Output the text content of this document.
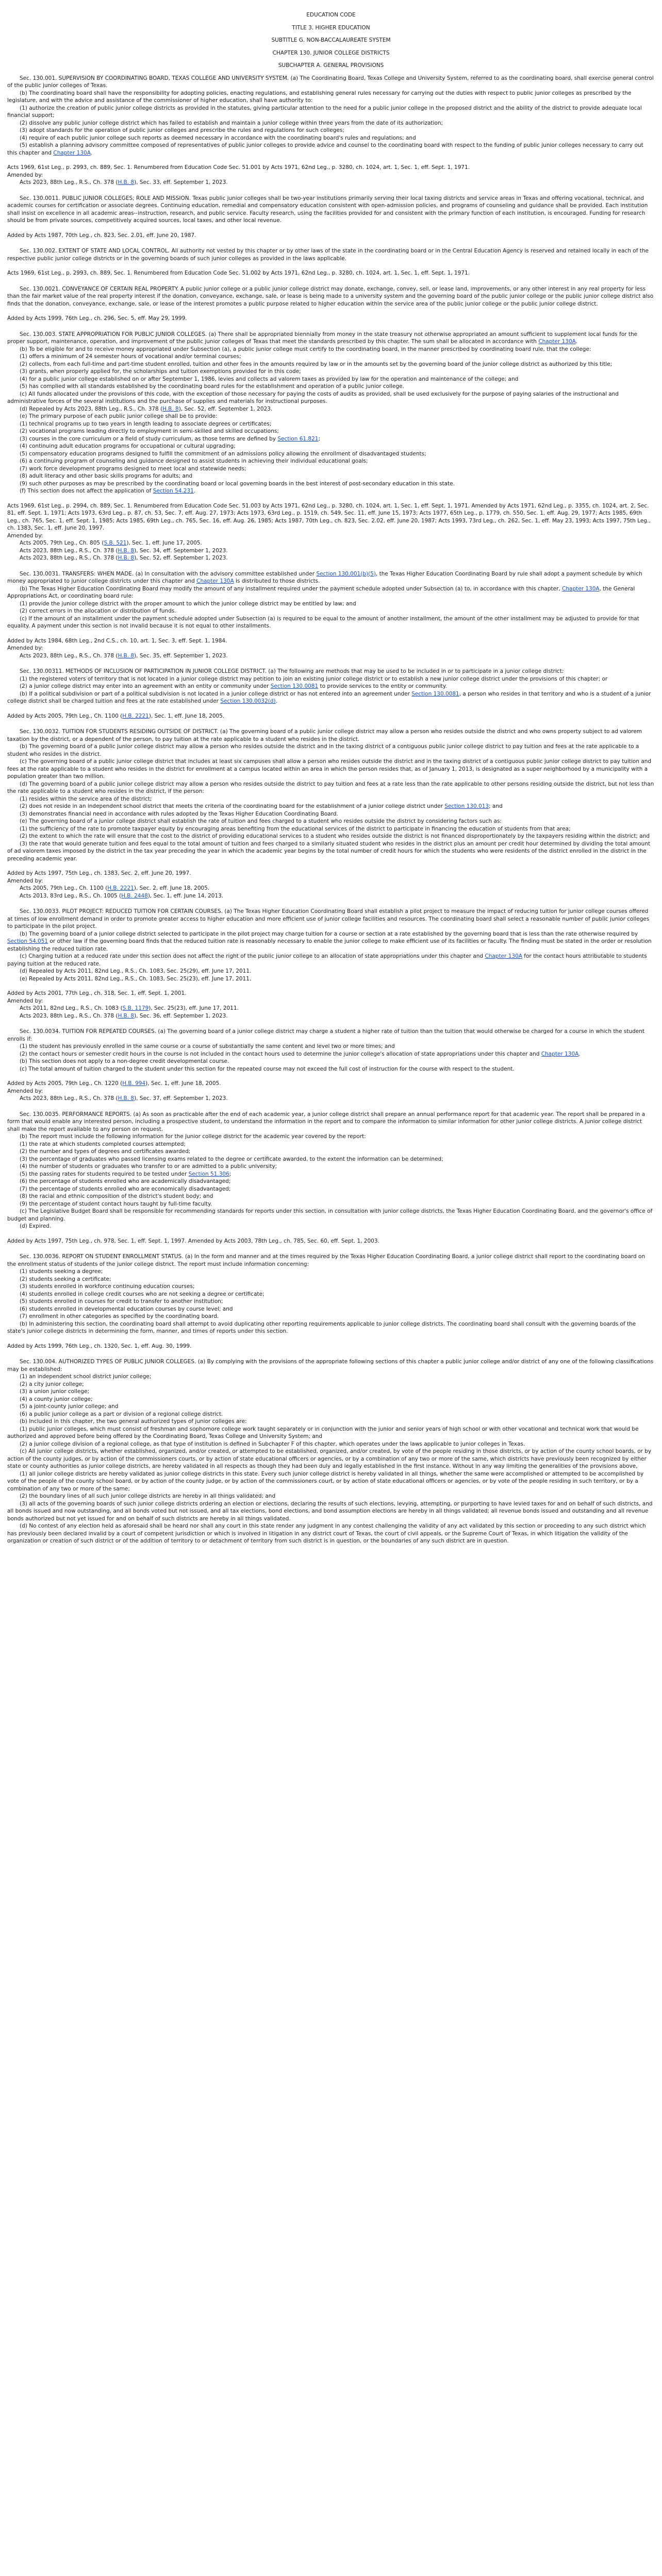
EDUCATION CODE

TITLE 3. HIGHER EDUCATION

SUBTITLE G. NON-BACCALAUREATE SYSTEM

CHAPTER 130. JUNIOR COLLEGE DISTRICTS

SUBCHAPTER A. GENERAL PROVISIONS

Sec. 130.001. SUPERVISION BY COORDINATING BOARD, TEXAS COLLEGE AND UNIVERSITY SYSTEM. (a) The Coordinating Board, Texas College and University System, referred to as the coordinating board, shall exercise general control of the public junior colleges of Texas.

(b) The coordinating board shall have the responsibility for adopting policies, enacting regulations, and establishing general rules necessary for carrying out the duties with respect to public junior colleges as prescribed by the legislature, and with the advice and assistance of the commissioner of higher education, shall have authority to:

(1) authorize the creation of public junior college districts as provided in the statutes, giving particular attention to the need for a public junior college in the proposed district and the ability of the district to provide adequate local financial support;

(2) dissolve any public junior college district which has failed to establish and maintain a junior college within three years from the date of its authorization;

(3) adopt standards for the operation of public junior colleges and prescribe the rules and regulations for such colleges;

(4) require of each public junior college such reports as deemed necessary in accordance with the coordinating board's rules and regulations; and

(5) establish a planning advisory committee composed of representatives of public junior colleges to provide advice and counsel to the coordinating board with respect to the funding of public junior colleges necessary to carry out this chapter and Chapter 130A.

Acts 1969, 61st Leg., p. 2993, ch. 889, Sec. 1. Renumbered from Education Code Sec. 51.001 by Acts 1971, 62nd Leg., p. 3280, ch. 1024, art. 1, Sec. 1, eff. Sept. 1, 1971.

Amended by:

Acts 2023, 88th Leg., R.S., Ch. 378 (H.B. 8), Sec. 33, eff. September 1, 2023.

Sec. 130.0011. PUBLIC JUNIOR COLLEGES; ROLE AND MISSION. Texas public junior colleges shall be two-year institutions primarily serving their local taxing districts and service areas in Texas and offering vocational, technical, and academic courses for certification or associate degrees. Continuing education, remedial and compensatory education consistent with open-admission policies, and programs of counseling and guidance shall be provided. Each institution shall insist on excellence in all academic areas--instruction, research, and public service. Faculty research, using the facilities provided for and consistent with the primary function of each institution, is encouraged. Funding for research should be from private sources, competitively acquired sources, local taxes, and other local revenue.

Added by Acts 1987, 70th Leg., ch. 823, Sec. 2.01, eff. June 20, 1987.

Sec. 130.002. EXTENT OF STATE AND LOCAL CONTROL. All authority not vested by this chapter or by other laws of the state in the coordinating board or in the Central Education Agency is reserved and retained locally in each of the respective public junior college districts or in the governing boards of such junior colleges as provided in the laws applicable.

Acts 1969, 61st Leg., p. 2993, ch. 889, Sec. 1. Renumbered from Education Code Sec. 51.002 by Acts 1971, 62nd Leg., p. 3280, ch. 1024, art. 1, Sec. 1, eff. Sept. 1, 1971.

Sec. 130.0021. CONVEYANCE OF CERTAIN REAL PROPERTY. A public junior college or a public junior college district may donate, exchange, convey, sell, or lease land, improvements, or any other interest in any real property for less than the fair market value of the real property interest if the donation, conveyance, exchange, sale, or lease is being made to a university system and the governing board of the public junior college or the public junior college district also finds that the donation, conveyance, exchange, sale, or lease of the interest promotes a public purpose related to higher education within the service area of the public junior college or the public junior college district.

Added by Acts 1999, 76th Leg., ch. 296, Sec. 5, eff. May 29, 1999.

Sec. 130.003. STATE APPROPRIATION FOR PUBLIC JUNIOR COLLEGES. (a) There shall be appropriated biennially from money in the state treasury not otherwise appropriated an amount sufficient to supplement local funds for the proper support, maintenance, operation, and improvement of the public junior colleges of Texas that meet the standards prescribed by this chapter. The sum shall be allocated in accordance with Chapter 130A.

(b) To be eligible for and to receive money appropriated under Subsection (a), a public junior college must certify to the coordinating board, in the manner prescribed by coordinating board rule, that the college:

(1) offers a minimum of 24 semester hours of vocational and/or terminal courses;

(2) collects, from each full-time and part-time student enrolled, tuition and other fees in the amounts required by law or in the amounts set by the governing board of the junior college district as authorized by this title;

(3) grants, when properly applied for, the scholarships and tuition exemptions provided for in this code;

(4) for a public junior college established on or after September 1, 1986, levies and collects ad valorem taxes as provided by law for the operation and maintenance of the college; and

(5) has complied with all standards established by the coordinating board rules for the establishment and operation of a public junior college.

(c) All funds allocated under the provisions of this code, with the exception of those necessary for paying the costs of audits as provided, shall be used exclusively for the purpose of paying salaries of the instructional and administrative forces of the several institutions and the purchase of supplies and materials for instructional purposes.

(d) Repealed by Acts 2023, 88th Leg., R.S., Ch. 378 (H.B. 8), Sec. 52, eff. September 1, 2023.

(e) The primary purpose of each public junior college shall be to provide:

(1) technical programs up to two years in length leading to associate degrees or certificates;

(2) vocational programs leading directly to employment in semi-skilled and skilled occupations;

(3) courses in the core curriculum or a field of study curriculum, as those terms are defined by Section 61.821;

(4) continuing adult education programs for occupational or cultural upgrading;

(5) compensatory education programs designed to fulfill the commitment of an admissions policy allowing the enrollment of disadvantaged students;

(6) a continuing program of counseling and guidance designed to assist students in achieving their individual educational goals;

(7) work force development programs designed to meet local and statewide needs;

(8) adult literacy and other basic skills programs for adults; and

(9) such other purposes as may be prescribed by the coordinating board or local governing boards in the best interest of post-secondary education in this state.

(f) This section does not affect the application of Section 54.231.

Acts 1969, 61st Leg., p. 2994, ch. 889, Sec. 1. Renumbered from Education Code Sec. 51.003 by Acts 1971, 62nd Leg., p. 3280, ch. 1024, art. 1, Sec. 1, eff. Sept. 1, 1971. Amended by Acts 1971, 62nd Leg., p. 3355, ch. 1024, art. 2, Sec. 81, eff. Sept. 1, 1971; Acts 1973, 63rd Leg., p. 87, ch. 53, Sec. 7, eff. Aug. 27, 1973; Acts 1973, 63rd Leg., p. 1519, ch. 549, Sec. 11, eff. June 15, 1973; Acts 1977, 65th Leg., p. 1779, ch. 550, Sec. 1, eff. Aug. 29, 1977; Acts 1985, 69th Leg., ch. 765, Sec. 1, eff. Sept. 1, 1985; Acts 1985, 69th Leg., ch. 765, Sec. 16, eff. Aug. 26, 1985; Acts 1987, 70th Leg., ch. 823, Sec. 2.02, eff. June 20, 1987; Acts 1993, 73rd Leg., ch. 262, Sec. 1, eff. May 23, 1993; Acts 1997, 75th Leg., ch. 1383, Sec. 1, eff. June 20, 1997.

Amended by:

Acts 2005, 79th Leg., Ch. 805 (S.B. 521), Sec. 1, eff. June 17, 2005.

Acts 2023, 88th Leg., R.S., Ch. 378 (H.B. 8), Sec. 34, eff. September 1, 2023.

Acts 2023, 88th Leg., R.S., Ch. 378 (H.B. 8), Sec. 52, eff. September 1, 2023.

Sec. 130.0031. TRANSFERS: WHEN MADE. (a) In consultation with the advisory committee established under Section 130.001(b)(5), the Texas Higher Education Coordinating Board by rule shall adopt a payment schedule by which money appropriated to junior college districts under this chapter and Chapter 130A is distributed to those districts.

(b) The Texas Higher Education Coordinating Board may modify the amount of any installment required under the payment schedule adopted under Subsection (a) to, in accordance with this chapter, Chapter 130A, the General Appropriations Act, or coordinating board rule:

(1) provide the junior college district with the proper amount to which the junior college district may be entitled by law; and

(2) correct errors in the allocation or distribution of funds.

(c) If the amount of an installment under the payment schedule adopted under Subsection (a) is required to be equal to the amount of another installment, the amount of the other installment may be adjusted to provide for that equality. A payment under this section is not invalid because it is not equal to other installments.

Added by Acts 1984, 68th Leg., 2nd C.S., ch. 10, art. 1, Sec. 3, eff. Sept. 1, 1984.

Amended by:

Acts 2023, 88th Leg., R.S., Ch. 378 (H.B. 8), Sec. 35, eff. September 1, 2023.

Sec. 130.00311. METHODS OF INCLUSION OF PARTICIPATION IN JUNIOR COLLEGE DISTRICT. (a) The following are methods that may be used to be included in or to participate in a junior college district:

(1) the registered voters of territory that is not located in a junior college district may petition to join an existing junior college district or to establish a new junior college district under the provisions of this chapter; or

(2) a junior college district may enter into an agreement with an entity or community under Section 130.0081 to provide services to the entity or community.

(b) If a political subdivision or part of a political subdivision is not located in a junior college district or has not entered into an agreement under Section 130.0081, a person who resides in that territory and who is a student of a junior college district shall be charged tuition and fees at the rate established under Section 130.0032(d).

Added by Acts 2005, 79th Leg., Ch. 1100 (H.B. 2221), Sec. 1, eff. June 18, 2005.

Sec. 130.0032. TUITION FOR STUDENTS RESIDING OUTSIDE OF DISTRICT. (a) The governing board of a public junior college district may allow a person who resides outside the district and who owns property subject to ad valorem taxation by the district, or a dependent of the person, to pay tuition at the rate applicable to a student who resides in the district.

(b) The governing board of a public junior college district may allow a person who resides outside the district and in the taxing district of a contiguous public junior college district to pay tuition and fees at the rate applicable to a student who resides in the district.

(c) The governing board of a public junior college district that includes at least six campuses shall allow a person who resides outside the district and in the taxing district of a contiguous public junior college district to pay tuition and fees at the rate applicable to a student who resides in the district for enrollment at a campus located within an area in which the person resides that, as of January 1, 2013, is designated as a super neighborhood by a municipality with a population greater than two million.

(d) The governing board of a public junior college district may allow a person who resides outside the district to pay tuition and fees at a rate less than the rate applicable to other persons residing outside the district, but not less than the rate applicable to a student who resides in the district, if the person:

(1) resides within the service area of the district;

(2) does not reside in an independent school district that meets the criteria of the coordinating board for the establishment of a junior college district under Section 130.013; and

(3) demonstrates financial need in accordance with rules adopted by the Texas Higher Education Coordinating Board.

(e) The governing board of a junior college district shall establish the rate of tuition and fees charged to a student who resides outside the district by considering factors such as:

(1) the sufficiency of the rate to promote taxpayer equity by encouraging areas benefiting from the educational services of the district to participate in financing the education of students from that area;

(2) the extent to which the rate will ensure that the cost to the district of providing educational services to a student who resides outside the district is not financed disproportionately by the taxpayers residing within the district; and

(3) the rate that would generate tuition and fees equal to the total amount of tuition and fees charged to a similarly situated student who resides in the district plus an amount per credit hour determined by dividing the total amount of ad valorem taxes imposed by the district in the tax year preceding the year in which the academic year begins by the total number of credit hours for which the students who were residents of the district enrolled in the district in the preceding academic year.

Added by Acts 1997, 75th Leg., ch. 1383, Sec. 2, eff. June 20, 1997.

Amended by:

Acts 2005, 79th Leg., Ch. 1100 (H.B. 2221), Sec. 2, eff. June 18, 2005.

Acts 2013, 83rd Leg., R.S., Ch. 1005 (H.B. 2448), Sec. 1, eff. June 14, 2013.

Sec. 130.0033. PILOT PROJECT: REDUCED TUITION FOR CERTAIN COURSES. (a) The Texas Higher Education Coordinating Board shall establish a pilot project to measure the impact of reducing tuition for junior college courses offered at times of low enrollment demand in order to promote greater access to higher education and more efficient use of junior college facilities and resources. The coordinating board shall select a reasonable number of public junior colleges to participate in the pilot project.

(b) The governing board of a junior college district selected to participate in the pilot project may charge tuition for a course or section at a rate established by the governing board that is less than the rate otherwise required by Section 54.051 or other law if the governing board finds that the reduced tuition rate is reasonably necessary to enable the junior college to make efficient use of its facilities or faculty. The finding must be stated in the order or resolution establishing the reduced tuition rate.

(c) Charging tuition at a reduced rate under this section does not affect the right of the public junior college to an allocation of state appropriations under this chapter and Chapter 130A for the contact hours attributable to students paying tuition at the reduced rate.

(d) Repealed by Acts 2011, 82nd Leg., R.S., Ch. 1083, Sec. 25(29), eff. June 17, 2011.

(e) Repealed by Acts 2011, 82nd Leg., R.S., Ch. 1083, Sec. 25(23), eff. June 17, 2011.

Added by Acts 2001, 77th Leg., ch. 318, Sec. 1, eff. Sept. 1, 2001.

Amended by:

Acts 2011, 82nd Leg., R.S., Ch. 1083 (S.B. 1179), Sec. 25(23), eff. June 17, 2011.

Acts 2023, 88th Leg., R.S., Ch. 378 (H.B. 8), Sec. 36, eff. September 1, 2023.

Sec. 130.0034. TUITION FOR REPEATED COURSES. (a) The governing board of a junior college district may charge a student a higher rate of tuition than the tuition that would otherwise be charged for a course in which the student enrolls if:

(1) the student has previously enrolled in the same course or a course of substantially the same content and level two or more times; and

(2) the contact hours or semester credit hours in the course is not included in the contact hours used to determine the junior college's allocation of state appropriations under this chapter and Chapter 130A.

(b) This section does not apply to a non-degree credit developmental course.

(c) The total amount of tuition charged to the student under this section for the repeated course may not exceed the full cost of instruction for the course with respect to the student.

Added by Acts 2005, 79th Leg., Ch. 1220 (H.B. 994), Sec. 1, eff. June 18, 2005.

Amended by:

Acts 2023, 88th Leg., R.S., Ch. 378 (H.B. 8), Sec. 37, eff. September 1, 2023.

Sec. 130.0035. PERFORMANCE REPORTS. (a) As soon as practicable after the end of each academic year, a junior college district shall prepare an annual performance report for that academic year. The report shall be prepared in a form that would enable any interested person, including a prospective student, to understand the information in the report and to compare the information to similar information for other junior college districts. A junior college district shall make the report available to any person on request.

(b) The report must include the following information for the junior college district for the academic year covered by the report:

(1) the rate at which students completed courses attempted;

(2) the number and types of degrees and certificates awarded;

(3) the percentage of graduates who passed licensing exams related to the degree or certificate awarded, to the extent the information can be determined;

(4) the number of students or graduates who transfer to or are admitted to a public university;

(5) the passing rates for students required to be tested under Section 51.306;

(6) the percentage of students enrolled who are academically disadvantaged;

(7) the percentage of students enrolled who are economically disadvantaged;

(8) the racial and ethnic composition of the district's student body; and

(9) the percentage of student contact hours taught by full-time faculty.

(c) The Legislative Budget Board shall be responsible for recommending standards for reports under this section, in consultation with junior college districts, the Texas Higher Education Coordinating Board, and the governor's office of budget and planning.

(d) Expired.

Added by Acts 1997, 75th Leg., ch. 978, Sec. 1, eff. Sept. 1, 1997. Amended by Acts 2003, 78th Leg., ch. 785, Sec. 60, eff. Sept. 1, 2003.

Sec. 130.0036. REPORT ON STUDENT ENROLLMENT STATUS. (a) In the form and manner and at the times required by the Texas Higher Education Coordinating Board, a junior college district shall report to the coordinating board on the enrollment status of students of the junior college district. The report must include information concerning:

(1) students seeking a degree;

(2) students seeking a certificate;

(3) students enrolled in workforce continuing education courses;

(4) students enrolled in college credit courses who are not seeking a degree or certificate;

(5) students enrolled in courses for credit to transfer to another institution;

(6) students enrolled in developmental education courses by course level; and

(7) enrollment in other categories as specified by the coordinating board.

(b) In administering this section, the coordinating board shall attempt to avoid duplicating other reporting requirements applicable to junior college districts. The coordinating board shall consult with the governing boards of the state's junior college districts in determining the form, manner, and times of reports under this section.

Added by Acts 1999, 76th Leg., ch. 1320, Sec. 1, eff. Aug. 30, 1999.

Sec. 130.004. AUTHORIZED TYPES OF PUBLIC JUNIOR COLLEGES. (a) By complying with the provisions of the appropriate following sections of this chapter a public junior college and/or district of any one of the following classifications may be established:

(1) an independent school district junior college;

(2) a city junior college;

(3) a union junior college;

(4) a county junior college;

(5) a joint-county junior college; and

(6) a public junior college as a part or division of a regional college district.

(b) Included in this chapter, the two general authorized types of junior colleges are:

(1) public junior colleges, which must consist of freshman and sophomore college work taught separately or in conjunction with the junior and senior years of high school or with other vocational and technical work that would be authorized and approved before being offered by the Coordinating Board, Texas College and University System; and

(2) a junior college division of a regional college, as that type of institution is defined in Subchapter F of this chapter, which operates under the laws applicable to junior colleges in Texas.

(c) All junior college districts, whether established, organized, and/or created, or attempted to be established, organized, and/or created, by vote of the people residing in those districts, or by action of the county school boards, or by action of the county judges, or by action of the commissioners courts, or by action of state educational officers or agencies, or by a combination of any two or more of the same, which districts have previously been recognized by either state or county authorities as junior college districts, are hereby validated in all respects as though they had been duly and legally established in the first instance. Without in any way limiting the generalities of the provisions above,

(1) all junior college districts are hereby validated as junior college districts in this state. Every such junior college district is hereby validated in all things, whether the same were accomplished or attempted to be accomplished by vote of the people of the county school board, or by action of the county judge, or by action of the commissioners court, or by action of state educational officers or agencies, or by vote of the people residing in such territory, or by a combination of any two or more of the same;

(2) the boundary lines of all such junior college districts are hereby in all things validated; and

(3) all acts of the governing boards of such junior college districts ordering an election or elections, declaring the results of such elections, levying, attempting, or purporting to have levied taxes for and on behalf of such districts, and all bonds issued and now outstanding, and all bonds voted but not issued, and all tax elections, bond elections, and bond assumption elections are hereby in all things validated; all revenue bonds issued and outstanding and all revenue bonds authorized but not yet issued for and on behalf of such districts are hereby in all things validated.

(d) No contest of any election held as aforesaid shall be heard nor shall any court in this state render any judgment in any contest challenging the validity of any act validated by this section or proceeding to any such district which has previously been declared invalid by a court of competent jurisdiction or which is involved in litigation in any district court of Texas, the court of civil appeals, or the Supreme Court of Texas, in which litigation the validity of the organization or creation of such district or of the addition of territory to or detachment of territory from such district is in question, or the boundaries of any such district are in question.
